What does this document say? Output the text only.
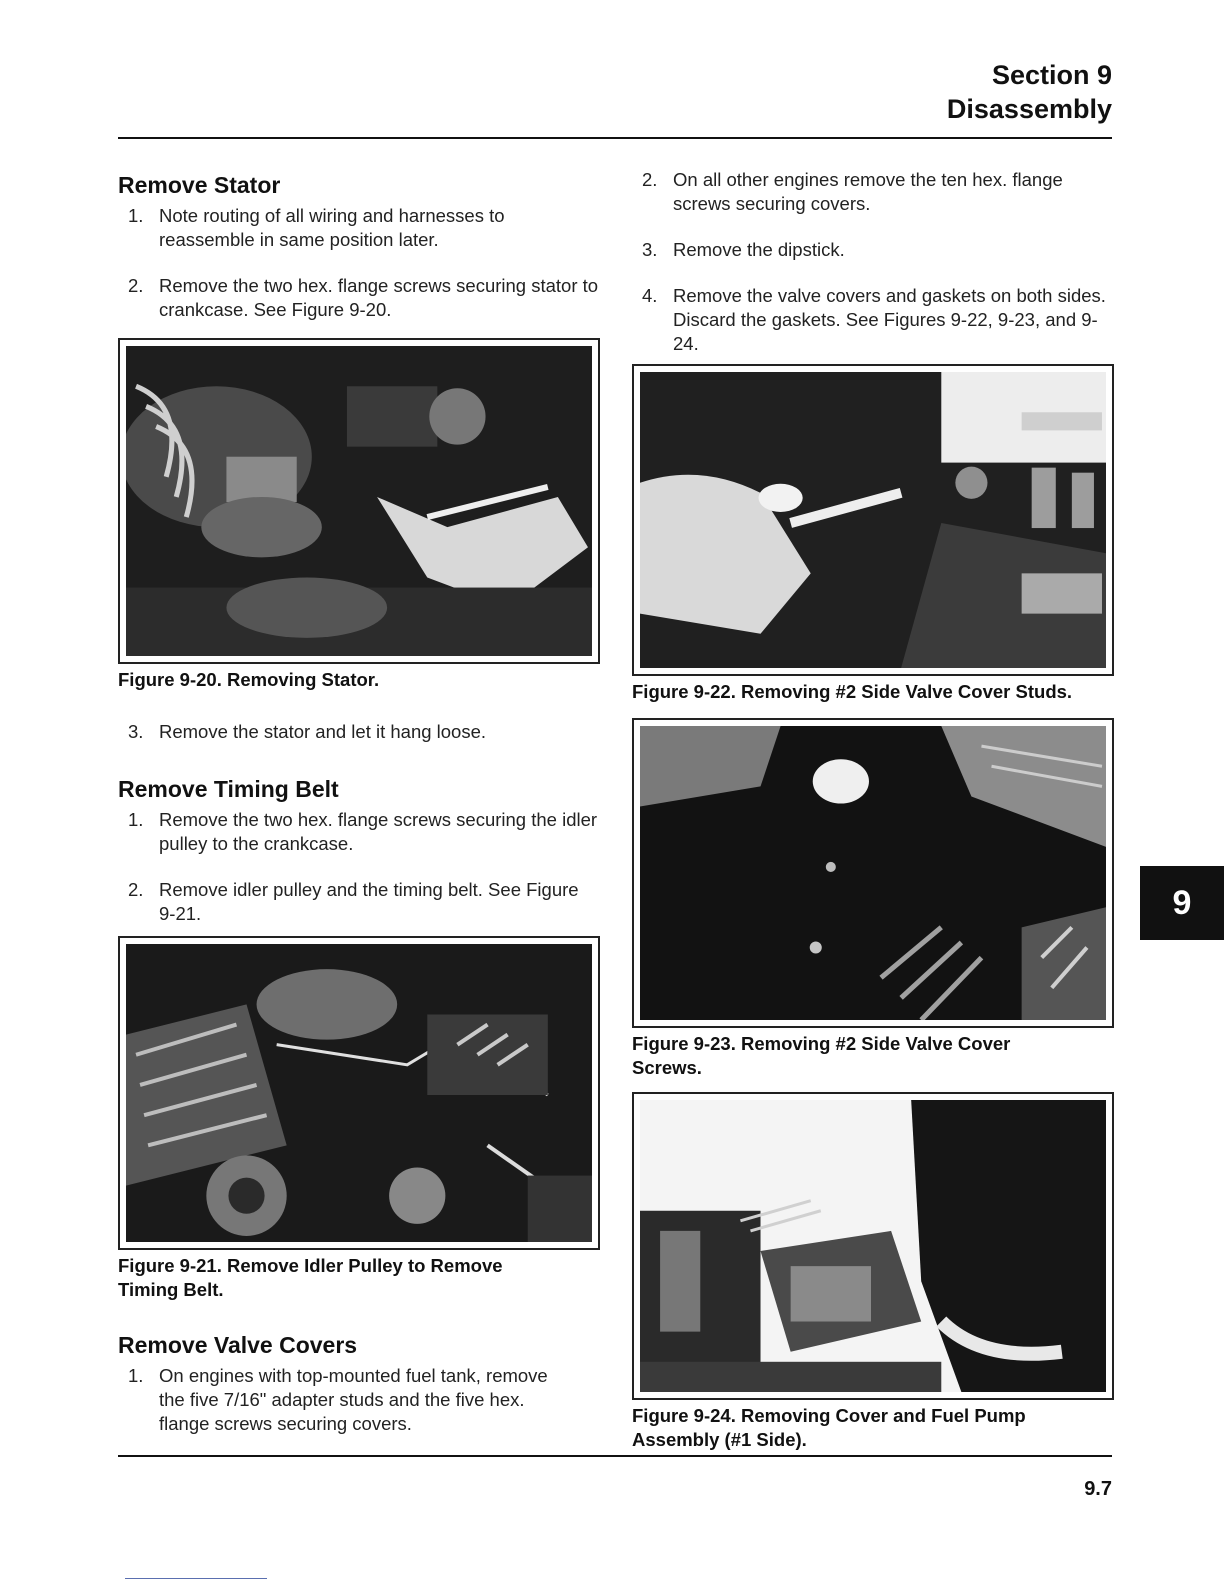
Section 9
Disassembly
Remove Stator
1. Note routing of all wiring and harnesses to reassemble in same position later.
2. Remove the two hex. flange screws securing stator to crankcase. See Figure 9-20.
Figure 9-20. Removing Stator.
3. Remove the stator and let it hang loose.
Remove Timing Belt
1. Remove the two hex. flange screws securing the idler pulley to the crankcase.
2. Remove idler pulley and the timing belt. See Figure 9-21.
Figure 9-21. Remove Idler Pulley to Remove Timing Belt.
Remove Valve Covers
1. On engines with top-mounted fuel tank, remove the five 7/16" adapter studs and the five hex. flange screws securing covers.
2. On all other engines remove the ten hex. flange screws securing covers.
3. Remove the dipstick.
4. Remove the valve covers and gaskets on both sides. Discard the gaskets. See Figures 9-22, 9-23, and 9-24.
Figure 9-22. Removing #2 Side Valve Cover Studs.
Figure 9-23. Removing #2 Side Valve Cover Screws.
Figure 9-24. Removing Cover and Fuel Pump Assembly (#1 Side).
9
9.7
